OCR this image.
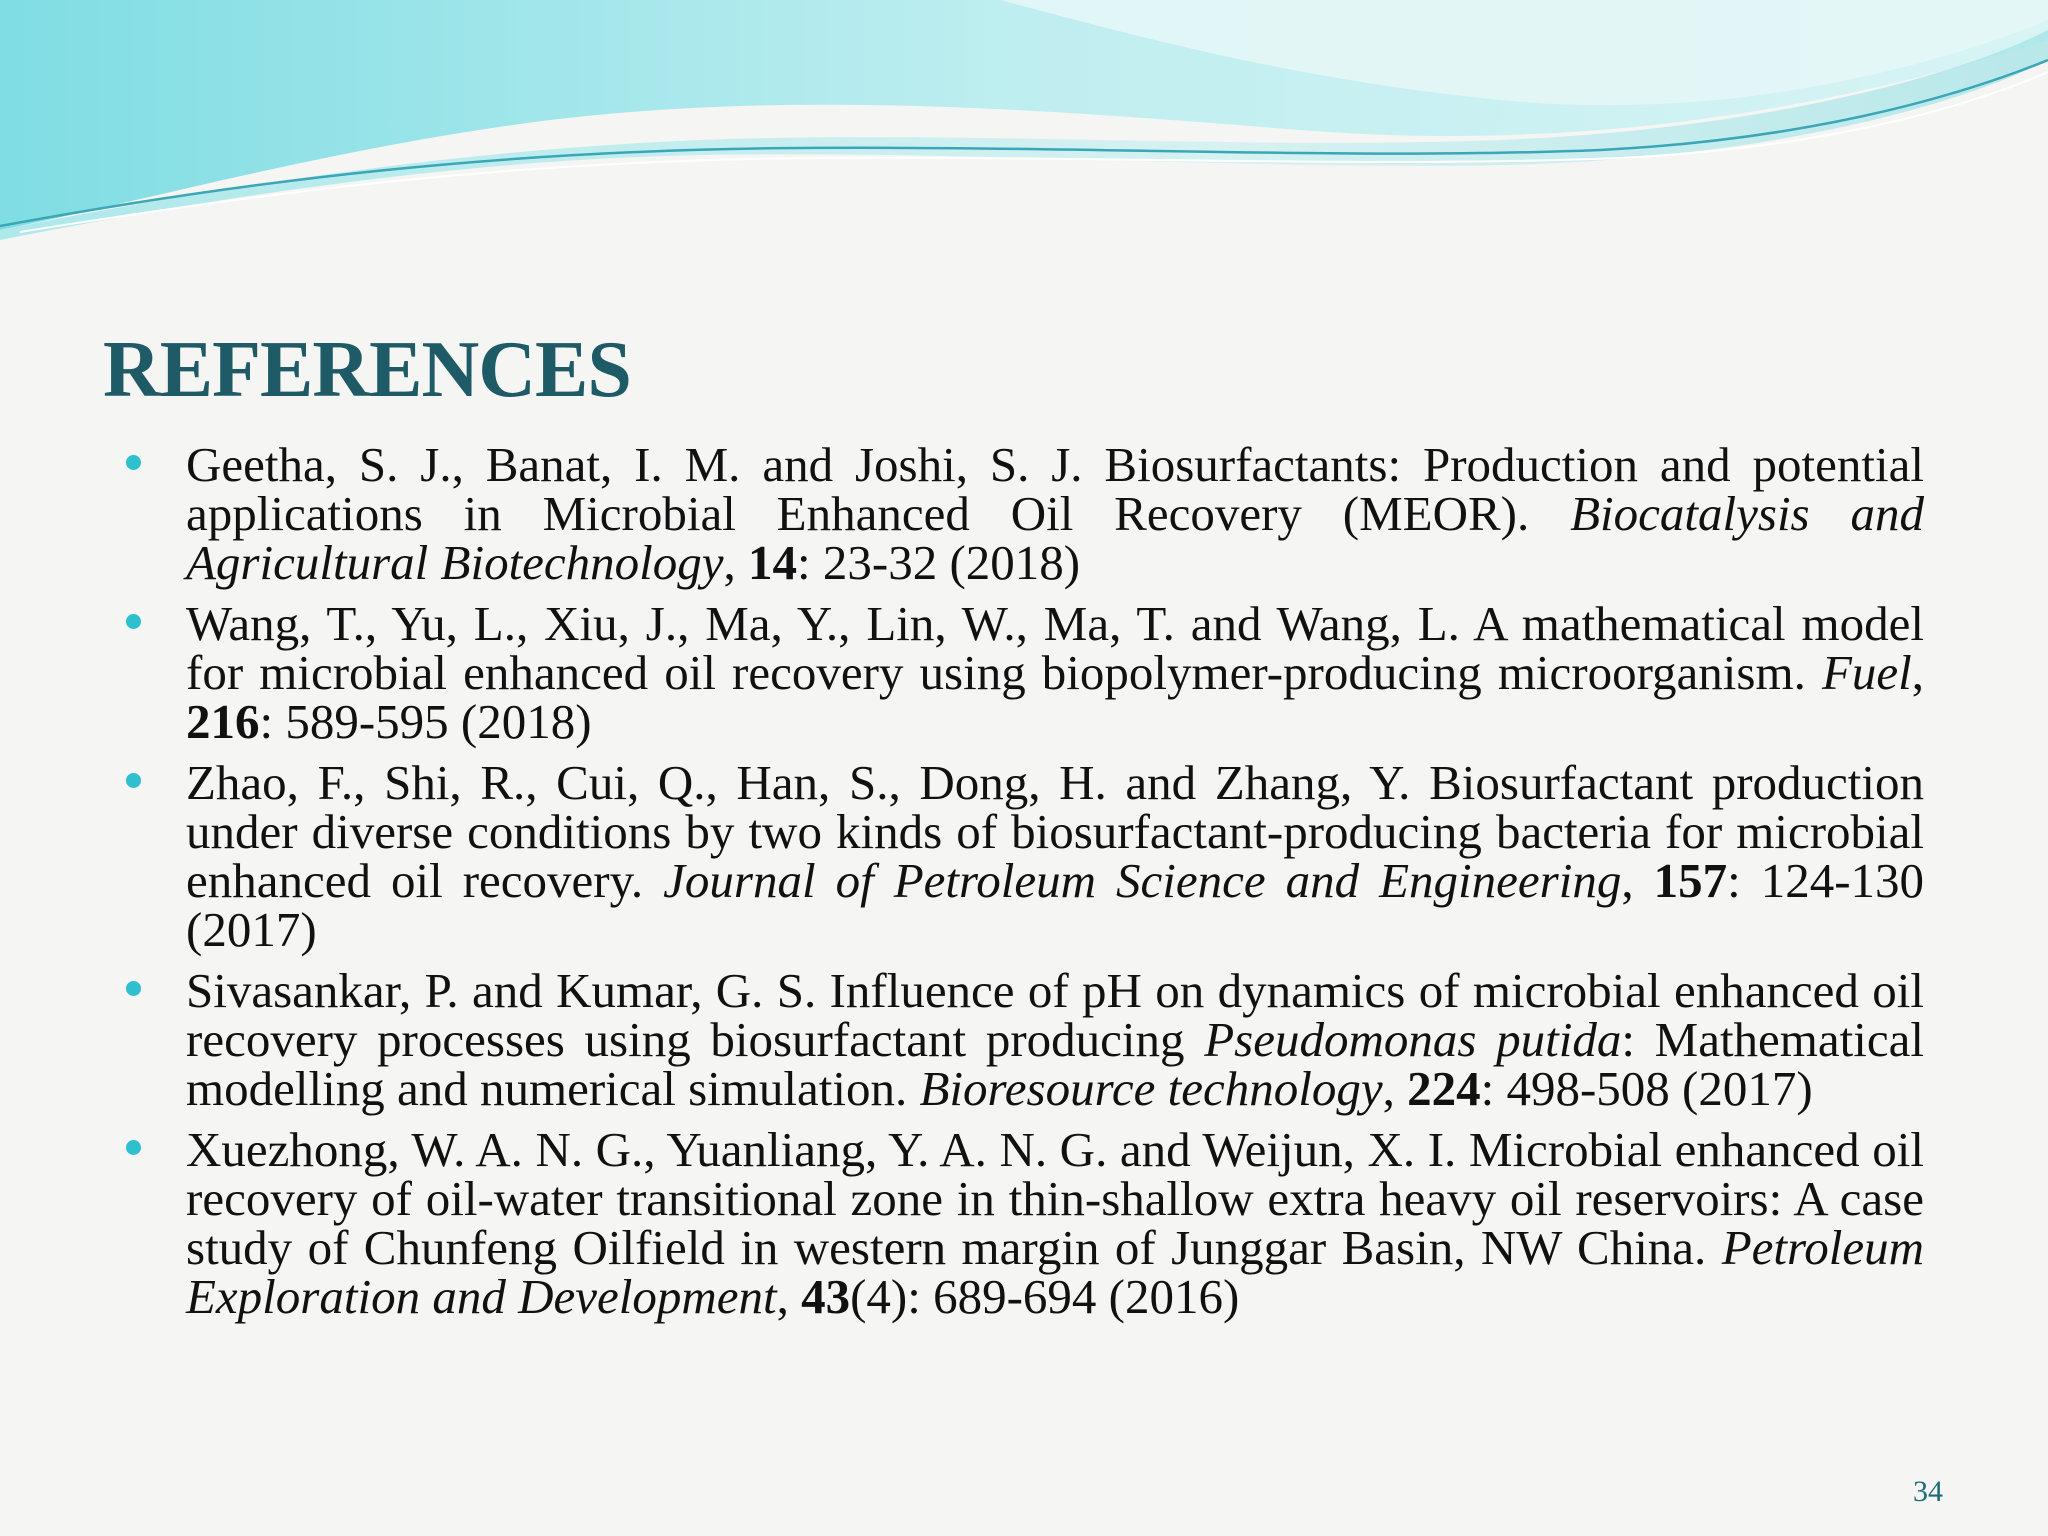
REFERENCES
Geetha, S. J., Banat, I. M. and Joshi, S. J. Biosurfactants: Production and potential applications in Microbial Enhanced Oil Recovery (MEOR). Biocatalysis and Agricultural Biotechnology, 14: 23-32 (2018)
Wang, T., Yu, L., Xiu, J., Ma, Y., Lin, W., Ma, T. and Wang, L. A mathematical model for microbial enhanced oil recovery using biopolymer-producing microorganism. Fuel, 216: 589-595 (2018)
Zhao, F., Shi, R., Cui, Q., Han, S., Dong, H. and Zhang, Y. Biosurfactant production under diverse conditions by two kinds of biosurfactant-producing bacteria for microbial enhanced oil recovery. Journal of Petroleum Science and Engineering, 157: 124-130 (2017)
Sivasankar, P. and Kumar, G. S. Influence of pH on dynamics of microbial enhanced oil recovery processes using biosurfactant producing Pseudomonas putida: Mathematical modelling and numerical simulation. Bioresource technology, 224: 498-508 (2017)
Xuezhong, W. A. N. G., Yuanliang, Y. A. N. G. and Weijun, X. I. Microbial enhanced oil recovery of oil-water transitional zone in thin-shallow extra heavy oil reservoirs: A case study of Chunfeng Oilfield in western margin of Junggar Basin, NW China. Petroleum Exploration and Development, 43(4): 689-694 (2016)
34
